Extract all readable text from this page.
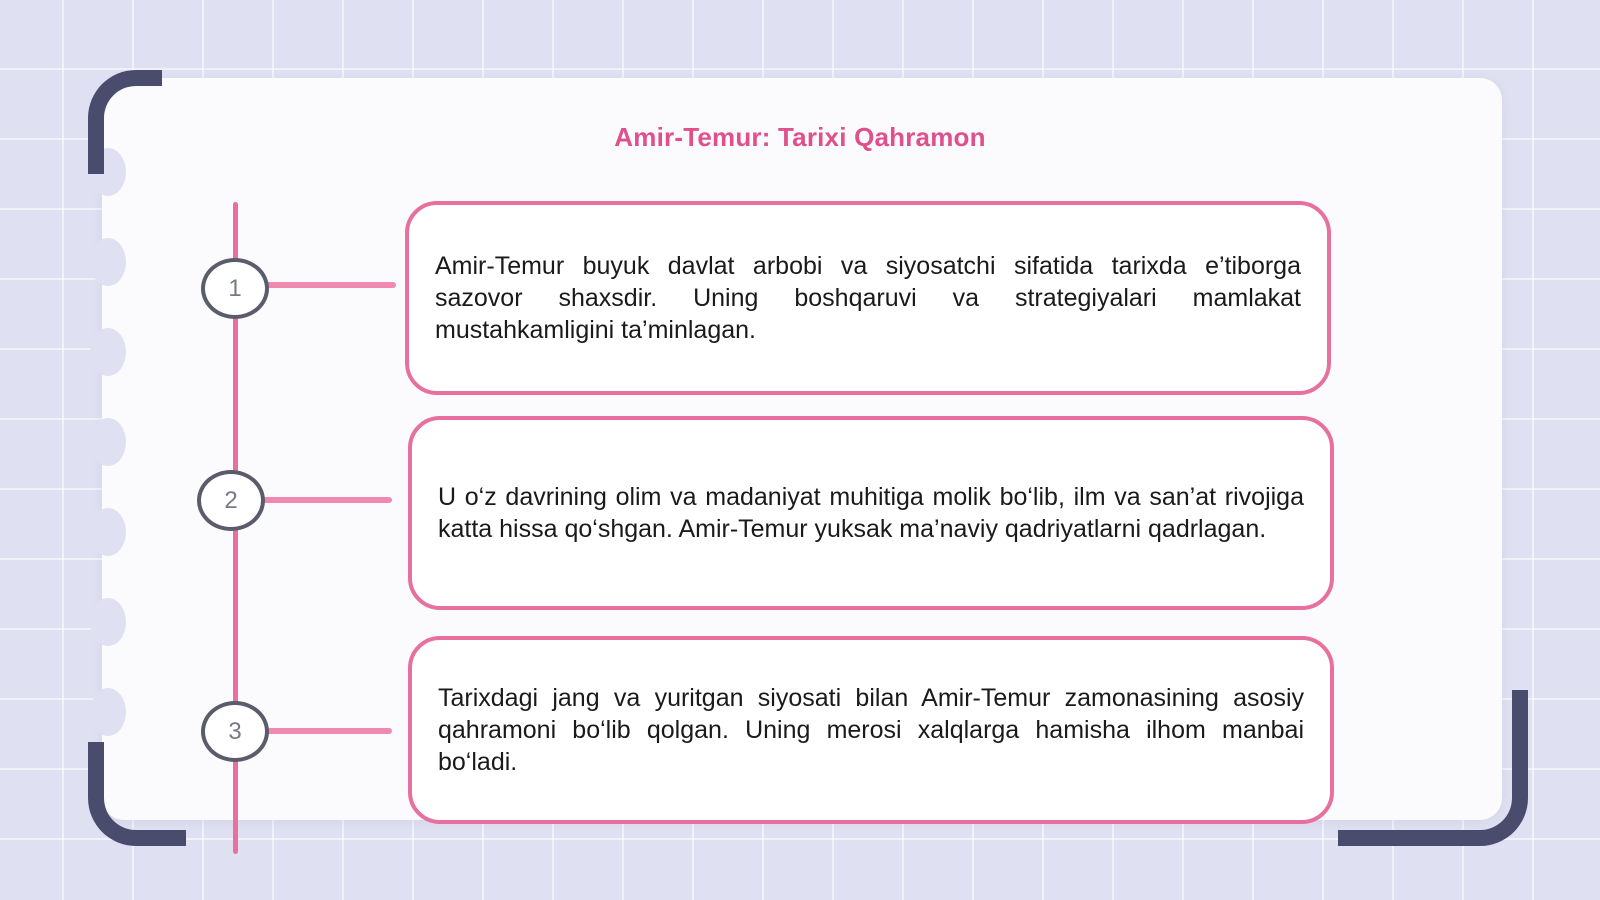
Amir-Temur: Tarixi Qahramon
1
2
3

Amir-Temur buyuk davlat arbobi va siyosatchi sifatida tarixda e’tiborga sazovor shaxsdir. Uning boshqaruvi va strategiyalari mamlakat mustahkamligini ta’minlagan.

U o‘z davrining olim va madaniyat muhitiga molik bo‘lib, ilm va san’at rivojiga katta hissa qo‘shgan. Amir-Temur yuksak ma’naviy qadriyatlarni qadrlagan.

Tarixdagi jang va yuritgan siyosati bilan Amir-Temur zamonasining asosiy qahramoni bo‘lib qolgan. Uning merosi xalqlarga hamisha ilhom manbai bo‘ladi.
